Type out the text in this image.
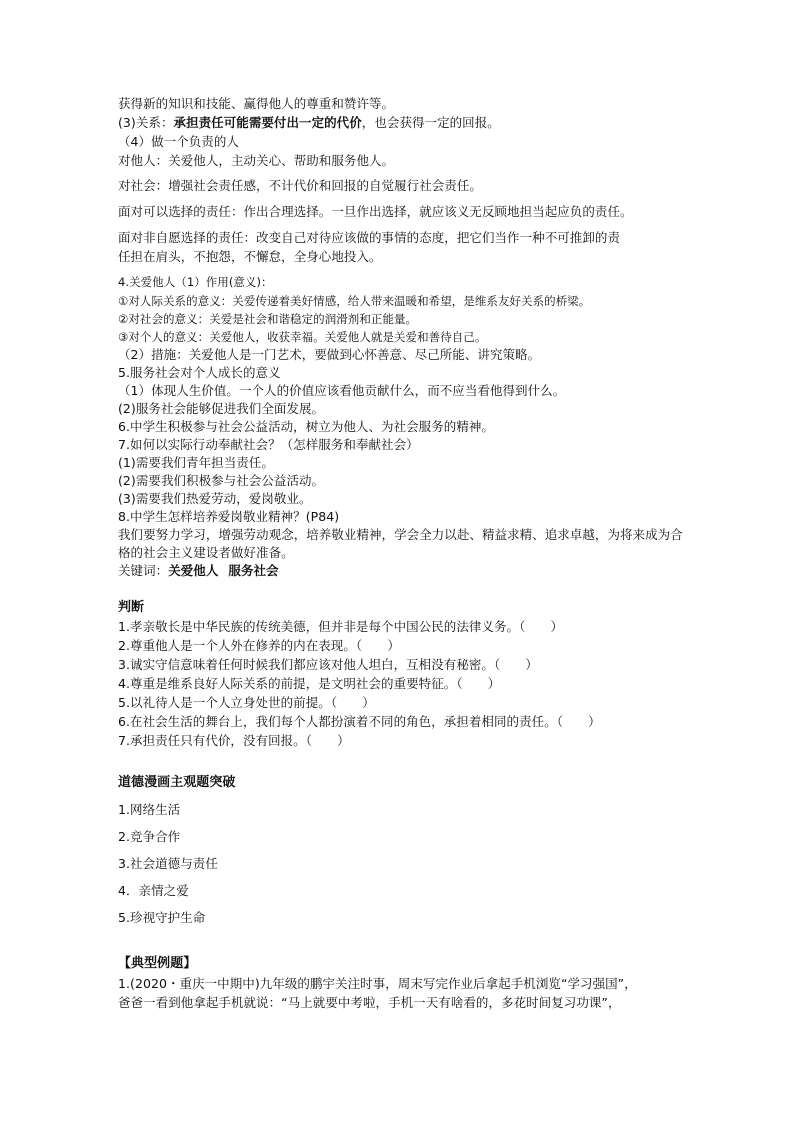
获得新的知识和技能、赢得他人的尊重和赞许等。
(3)关系：承担责任可能需要付出一定的代价，也会获得一定的回报。
（4）做一个负责的人
对他人：关爱他人，主动关心、帮助和服务他人。
对社会：增强社会责任感，不计代价和回报的自觉履行社会责任。
面对可以选择的责任：作出合理选择。一旦作出选择，就应该义无反顾地担当起应负的责任。
面对非自愿选择的责任：改变自己对待应该做的事情的态度，把它们当作一种不可推卸的责
任担在肩头，不抱怨，不懈怠，全身心地投入。
4.关爱他人（1）作用(意义)：
①对人际关系的意义：关爱传递着美好情感，给人带来温暖和希望，是维系友好关系的桥梁。
②对社会的意义：关爱是社会和谐稳定的润滑剂和正能量。
③对个人的意义：关爱他人，收获幸福。关爱他人就是关爱和善待自己。
（2）措施：关爱他人是一门艺术，要做到心怀善意、尽己所能、讲究策略。
5.服务社会对个人成长的意义
（1）体现人生价值。一个人的价值应该看他贡献什么，而不应当看他得到什么。
(2)服务社会能够促进我们全面发展。
6.中学生积极参与社会公益活动，树立为他人、为社会服务的精神。
7.如何以实际行动奉献社会？（怎样服务和奉献社会）
(1)需要我们青年担当责任。
(2)需要我们积极参与社会公益活动。
(3)需要我们热爱劳动，爱岗敬业。
8.中学生怎样培养爱岗敬业精神？(P84)
我们要努力学习，增强劳动观念，培养敬业精神，学会全力以赴、精益求精、追求卓越，为将来成为合
格的社会主义建设者做好准备。
关键词：关爱他人 服务社会
判断
1.孝亲敬长是中华民族的传统美德，但并非是每个中国公民的法律义务。（　　）
2.尊重他人是一个人外在修养的内在表现。（　　）
3.诚实守信意味着任何时候我们都应该对他人坦白，互相没有秘密。（　　）
4.尊重是维系良好人际关系的前提，是文明社会的重要特征。（　　）
5.以礼待人是一个人立身处世的前提。（　　）
6.在社会生活的舞台上，我们每个人都扮演着不同的角色，承担着相同的责任。（　　）
7.承担责任只有代价，没有回报。（　　）
道德漫画主观题突破
1.网络生活
2.竞争合作
3.社会道德与责任
4．亲情之爱
5.珍视守护生命
【典型例题】
1.(2020・重庆一中期中)九年级的鹏宇关注时事，周末写完作业后拿起手机浏览“学习强国”，
爸爸一看到他拿起手机就说：“马上就要中考啦，手机一天有啥看的，多花时间复习功课”，
